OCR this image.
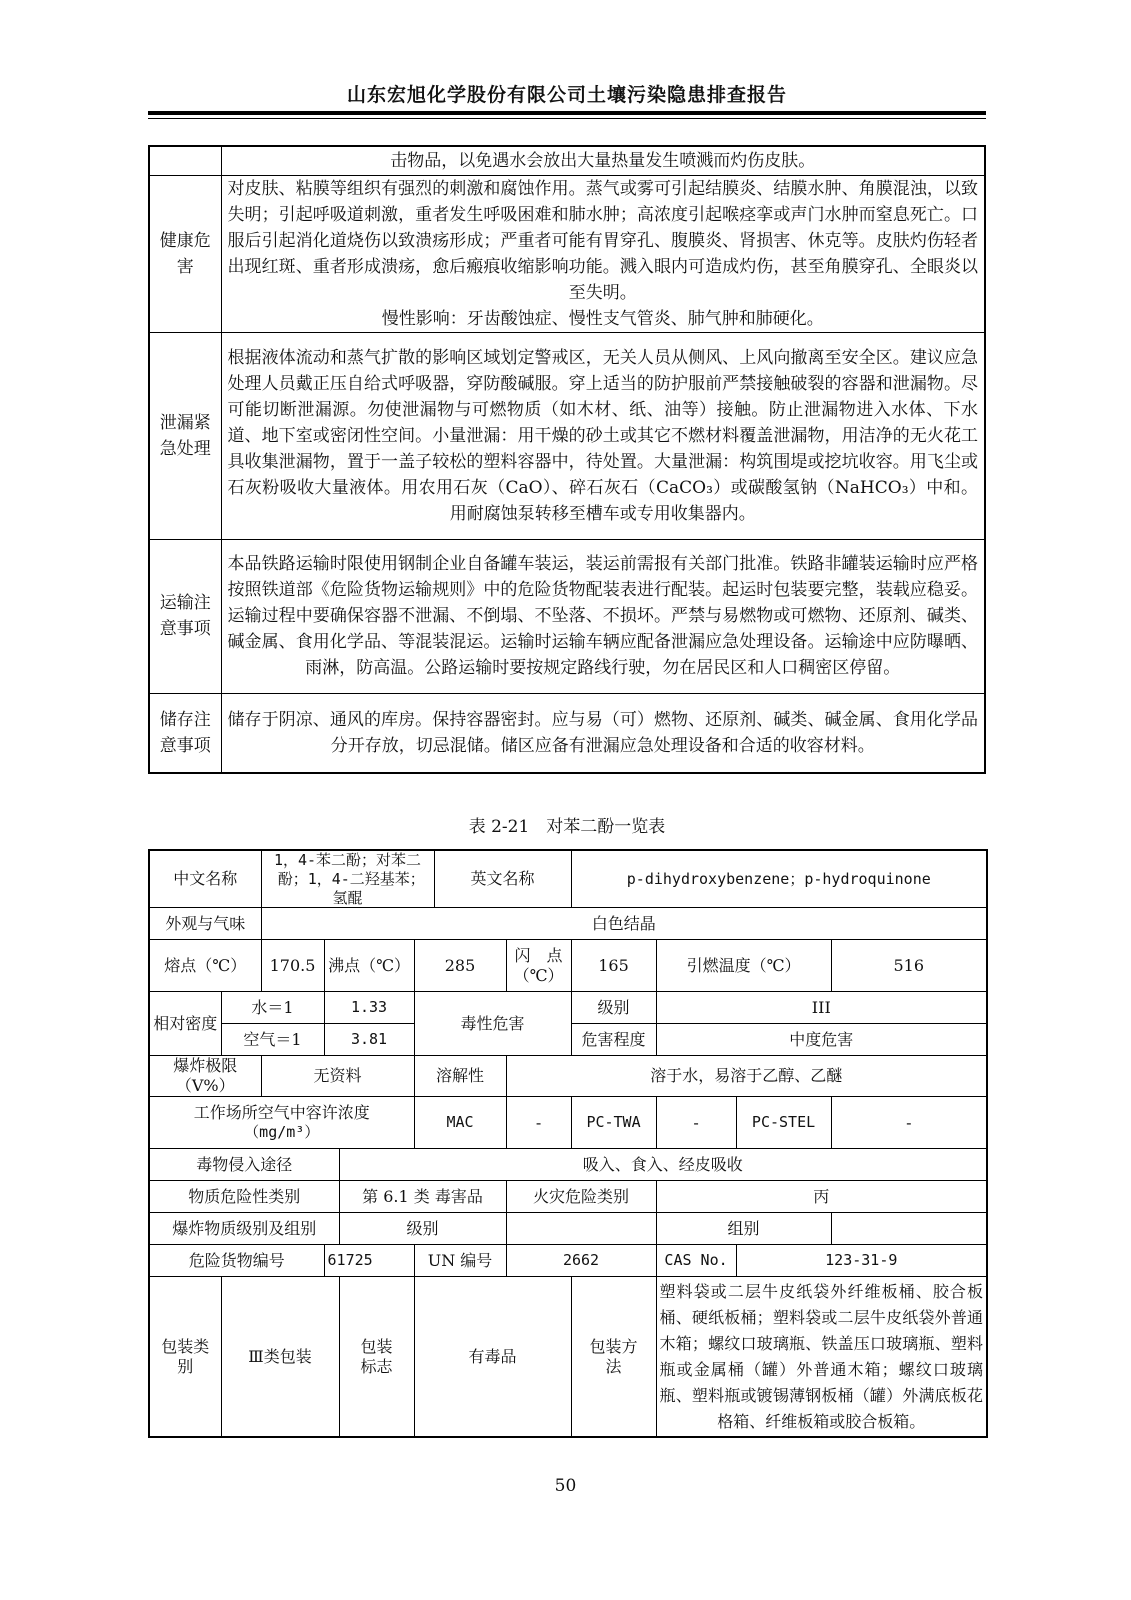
山东宏旭化学股份有限公司土壤污染隐患排查报告
	击物品，以免遇水会放出大量热量发生喷溅而灼伤皮肤。

健康危害	对皮肤、粘膜等组织有强烈的刺激和腐蚀作用。蒸气或雾可引起结膜炎、结膜水肿、角膜混浊，以致失明；引起呼吸道刺激，重者发生呼吸困难和肺水肿；高浓度引起喉痉挛或声门水肿而窒息死亡。口服后引起消化道烧伤以致溃疡形成；严重者可能有胃穿孔、腹膜炎、肾损害、休克等。皮肤灼伤轻者出现红斑、重者形成溃疡，愈后瘢痕收缩影响功能。溅入眼内可造成灼伤，甚至角膜穿孔、全眼炎以至失明。
慢性影响：牙齿酸蚀症、慢性支气管炎、肺气肿和肺硬化。

泄漏紧急处理	根据液体流动和蒸气扩散的影响区域划定警戒区，无关人员从侧风、上风向撤离至安全区。建议应急处理人员戴正压自给式呼吸器，穿防酸碱服。穿上适当的防护服前严禁接触破裂的容器和泄漏物。尽可能切断泄漏源。勿使泄漏物与可燃物质（如木材、纸、油等）接触。防止泄漏物进入水体、下水道、地下室或密闭性空间。小量泄漏：用干燥的砂土或其它不燃材料覆盖泄漏物，用洁净的无火花工具收集泄漏物，置于一盖子较松的塑料容器中，待处置。大量泄漏：构筑围堤或挖坑收容。用飞尘或石灰粉吸收大量液体。用农用石灰（CaO）、碎石灰石（CaCO₃）或碳酸氢钠（NaHCO₃）中和。用耐腐蚀泵转移至槽车或专用收集器内。

运输注意事项	本品铁路运输时限使用钢制企业自备罐车装运，装运前需报有关部门批准。铁路非罐装运输时应严格按照铁道部《危险货物运输规则》中的危险货物配装表进行配装。起运时包装要完整，装载应稳妥。运输过程中要确保容器不泄漏、不倒塌、不坠落、不损坏。严禁与易燃物或可燃物、还原剂、碱类、碱金属、食用化学品、等混装混运。运输时运输车辆应配备泄漏应急处理设备。运输途中应防曝晒、雨淋，防高温。公路运输时要按规定路线行驶，勿在居民区和人口稠密区停留。

储存注意事项	储存于阴凉、通风的库房。保持容器密封。应与易（可）燃物、还原剂、碱类、碱金属、食用化学品分开存放，切忌混储。储区应备有泄漏应急处理设备和合适的收容材料。
表 2-21　对苯二酚一览表
中文名称		1，4-苯二酚；对苯二酚；1，4-二羟基苯；　氢醌				英文名称		p-dihydroxybenzene；p-hydroquinone			
外观与气味		白色结晶									
熔点（℃）		170.5	沸点（℃）		285		闪　点（℃）	165	引燃温度（℃）		516
相对密度	水＝1		1.33		毒性危害			级别	III		
	空气＝1		3.81					危害程度	中度危害		
爆炸极限（V%）		无资料			溶解性		溶于水，易溶于乙醇、乙醚				

工作场所空气中容许浓度
（mg/m³）					MAC		-	PC-TWA	-	PC-STEL	-
毒物侵入途径				吸入、食入、经皮吸收							
物质危险性类别				第 6.1 类 毒害品			火灾危险类别		丙		
爆炸物质级别及组别				级别					组别		
危险货物编号			61725		UN 编号		2662		CAS No.	123-31-9	

包装类别	Ⅲ类包装			包装标志	有毒品			包装方法	塑料袋或二层牛皮纸袋外纤维板桶、胶合板桶、硬纸板桶；塑料袋或二层牛皮纸袋外普通木箱；螺纹口玻璃瓶、铁盖压口玻璃瓶、塑料瓶或金属桶（罐）外普通木箱；螺纹口玻璃瓶、塑料瓶或镀锡薄钢板桶（罐）外满底板花格箱、纤维板箱或胶合板箱。		
50
